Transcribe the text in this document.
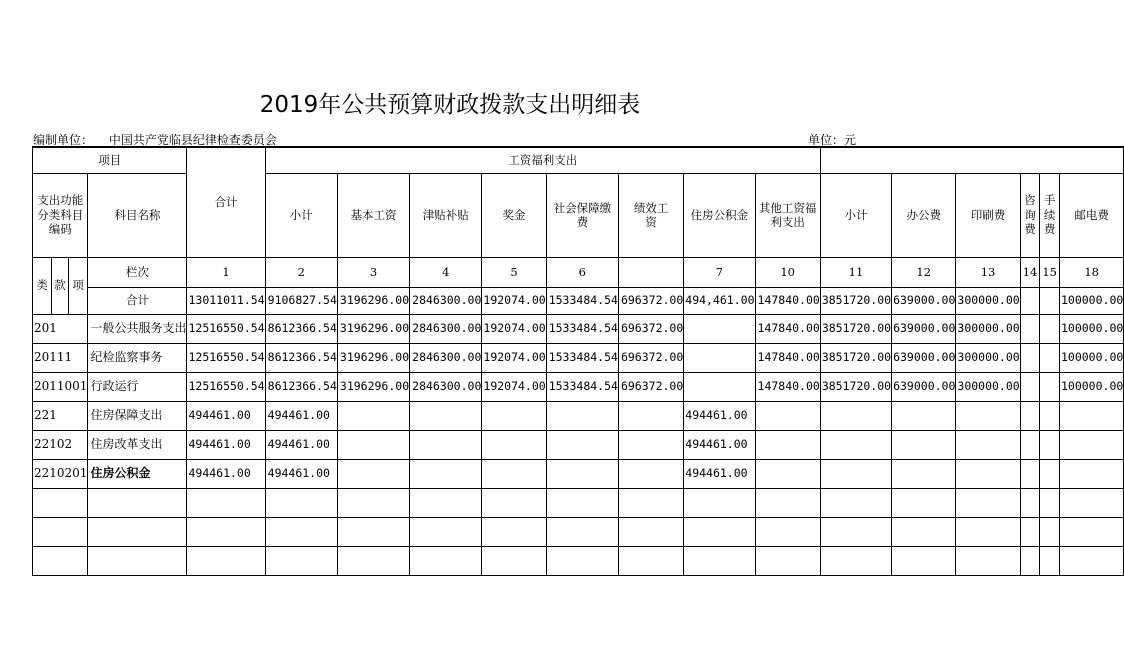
2019年公共预算财政拨款支出明细表
编制单位： 中国共产党临县纪律检查委员会	单位：元
项目				合计	工资福利支出													
支出功能分类科目编码			科目名称		小计	基本工资	津贴补贴	奖金	社会保障缴费	绩效工资	住房公积金	其他工资福利支出	小计	办公费	印刷费	咨询费	手续费	邮电费
类	款	项	栏次	1	2	3	4	5	6		7	10	11	12	13	14	15	18
			合计	13011011.54	9106827.54	3196296.00	2846300.00	192074.00	1533484.54	696372.00	494,461.00	147840.00	3851720.00	639000.00	300000.00			100000.00
201			一般公共服务支出	12516550.54	8612366.54	3196296.00	2846300.00	192074.00	1533484.54	696372.00		147840.00	3851720.00	639000.00	300000.00			100000.00
20111			纪检监察事务	12516550.54	8612366.54	3196296.00	2846300.00	192074.00	1533484.54	696372.00		147840.00	3851720.00	639000.00	300000.00			100000.00
2011001			行政运行	12516550.54	8612366.54	3196296.00	2846300.00	192074.00	1533484.54	696372.00		147840.00	3851720.00	639000.00	300000.00			100000.00
221			住房保障支出	494461.00	494461.00						494461.00							
22102			住房改革支出	494461.00	494461.00						494461.00							
2210201			住房公积金	494461.00	494461.00						494461.00							
